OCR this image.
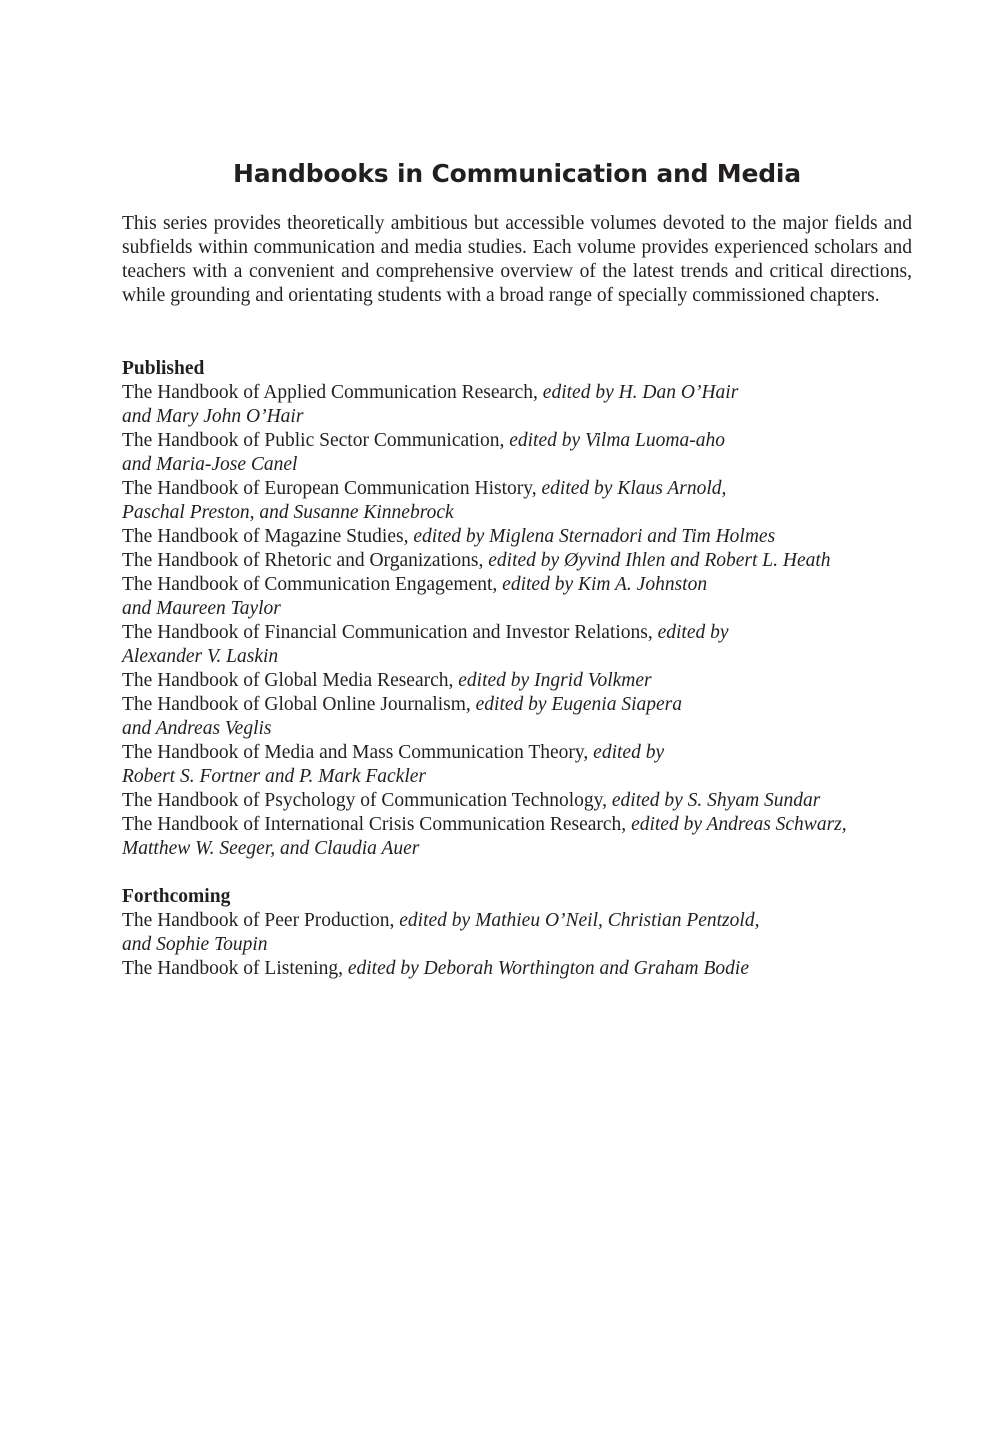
Handbooks in Communication and Media

This series provides theoretically ambitious but accessible volumes devoted to the major fields and subfields within communication and media studies. Each volume provides experienced scholars and teachers with a convenient and comprehensive overview of the latest trends and critical directions, while grounding and orientating students with a broad range of specially commissioned chapters.

Published

The Handbook of Applied Communication Research, edited by H. Dan O’Hair
and Mary John O’Hair

The Handbook of Public Sector Communication, edited by Vilma Luoma-aho
and Maria-Jose Canel

The Handbook of European Communication History, edited by Klaus Arnold,
Paschal Preston, and Susanne Kinnebrock

The Handbook of Magazine Studies, edited by Miglena Sternadori and Tim Holmes

The Handbook of Rhetoric and Organizations, edited by Øyvind Ihlen and Robert L. Heath

The Handbook of Communication Engagement, edited by Kim A. Johnston
and Maureen Taylor

The Handbook of Financial Communication and Investor Relations, edited by
Alexander V. Laskin

The Handbook of Global Media Research, edited by Ingrid Volkmer

The Handbook of Global Online Journalism, edited by Eugenia Siapera
and Andreas Veglis

The Handbook of Media and Mass Communication Theory, edited by
Robert S. Fortner and P. Mark Fackler

The Handbook of Psychology of Communication Technology, edited by S. Shyam Sundar

The Handbook of International Crisis Communication Research, edited by Andreas Schwarz,
Matthew W. Seeger, and Claudia Auer

Forthcoming

The Handbook of Peer Production, edited by Mathieu O’Neil, Christian Pentzold,
and Sophie Toupin

The Handbook of Listening, edited by Deborah Worthington and Graham Bodie
